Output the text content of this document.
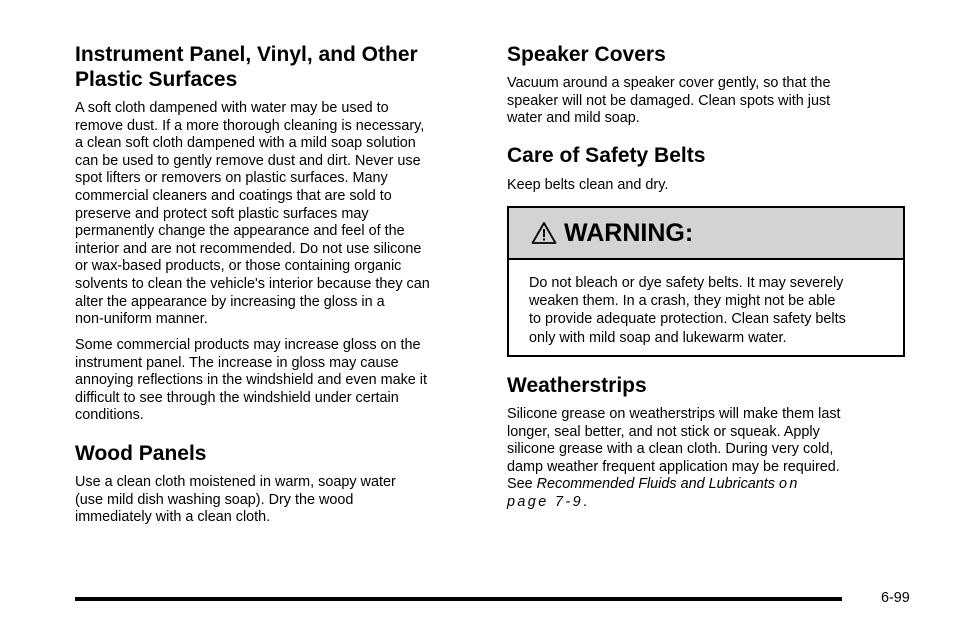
Instrument Panel, Vinyl, and Other
Plastic Surfaces

A soft cloth dampened with water may be used to
remove dust. If a more thorough cleaning is necessary,
a clean soft cloth dampened with a mild soap solution
can be used to gently remove dust and dirt. Never use
spot lifters or removers on plastic surfaces. Many
commercial cleaners and coatings that are sold to
preserve and protect soft plastic surfaces may
permanently change the appearance and feel of the
interior and are not recommended. Do not use silicone
or wax-based products, or those containing organic
solvents to clean the vehicle's interior because they can
alter the appearance by increasing the gloss in a
non-uniform manner.

Some commercial products may increase gloss on the
instrument panel. The increase in gloss may cause
annoying reflections in the windshield and even make it
difficult to see through the windshield under certain
conditions.

Wood Panels

Use a clean cloth moistened in warm, soapy water
(use mild dish washing soap). Dry the wood
immediately with a clean cloth.

Speaker Covers

Vacuum around a speaker cover gently, so that the
speaker will not be damaged. Clean spots with just
water and mild soap.

Care of Safety Belts

Keep belts clean and dry.

WARNING:
Do not bleach or dye safety belts. It may severely
weaken them. In a crash, they might not be able
to provide adequate protection. Clean safety belts
only with mild soap and lukewarm water.
Weatherstrips

Silicone grease on weatherstrips will make them last
longer, seal better, and not stick or squeak. Apply
silicone grease with a clean cloth. During very cold,
damp weather frequent application may be required.
See Recommended Fluids and Lubricants on
page 7-9.

6-99
